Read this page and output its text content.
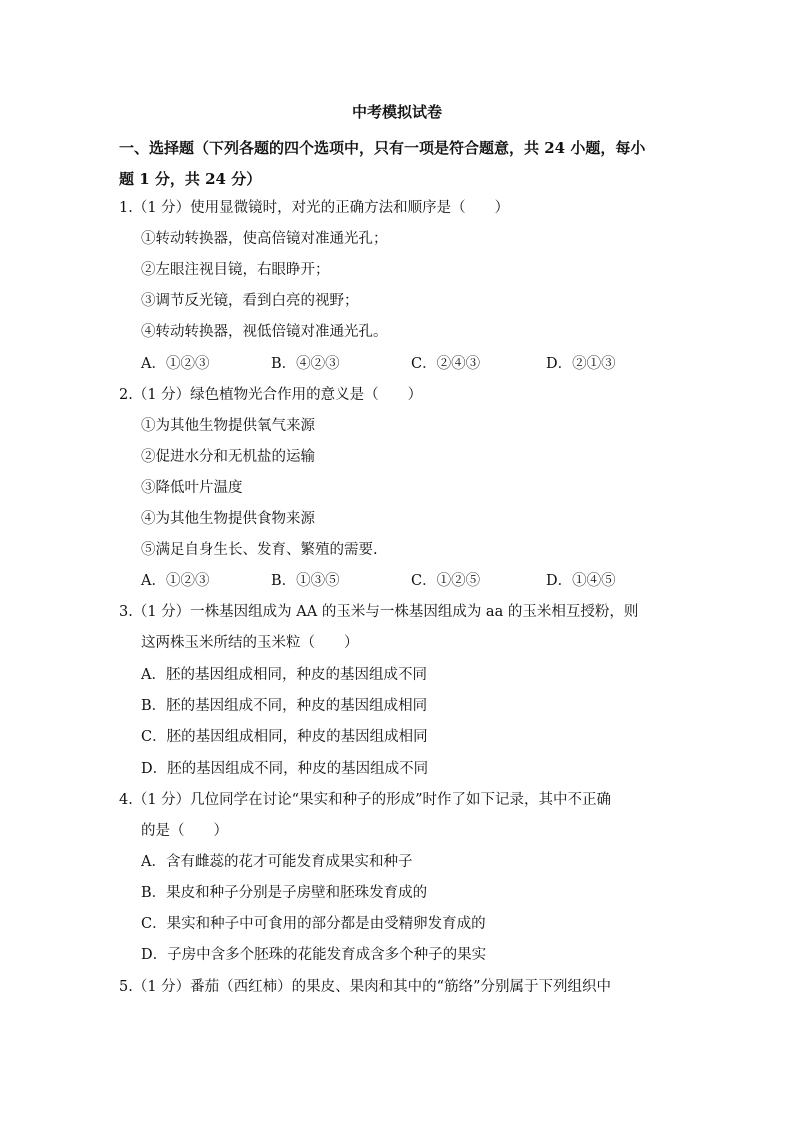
中考模拟试卷
一、选择题（下列各题的四个选项中，只有一项是符合题意，共 24 小题，每小
题 1 分，共 24 分）
1.（1 分）使用显微镜时，对光的正确方法和顺序是（　　）
①转动转换器，使高倍镜对准通光孔；
②左眼注视目镜，右眼睁开；
③调节反光镜，看到白亮的视野；
④转动转换器，视低倍镜对准通光孔。
A．①②③	B．④②③	C．②④③	D．②①③
2.（1 分）绿色植物光合作用的意义是（　　）
①为其他生物提供氧气来源
②促进水分和无机盐的运输
③降低叶片温度
④为其他生物提供食物来源
⑤满足自身生长、发育、繁殖的需要.
A．①②③	B．①③⑤	C．①②⑤	D．①④⑤
3.（1 分）一株基因组成为 AA 的玉米与一株基因组成为 aa 的玉米相互授粉，则
这两株玉米所结的玉米粒（　　）
A．胚的基因组成相同，种皮的基因组成不同
B．胚的基因组成不同，种皮的基因组成相同
C．胚的基因组成相同，种皮的基因组成相同
D．胚的基因组成不同，种皮的基因组成不同
4.（1 分）几位同学在讨论“果实和种子的形成”时作了如下记录，其中不正确
的是（　　）
A．含有雌蕊的花才可能发育成果实和种子
B．果皮和种子分别是子房壁和胚珠发育成的
C．果实和种子中可食用的部分都是由受精卵发育成的
D．子房中含多个胚珠的花能发育成含多个种子的果实
5.（1 分）番茄（西红柿）的果皮、果肉和其中的“筋络”分别属于下列组织中
